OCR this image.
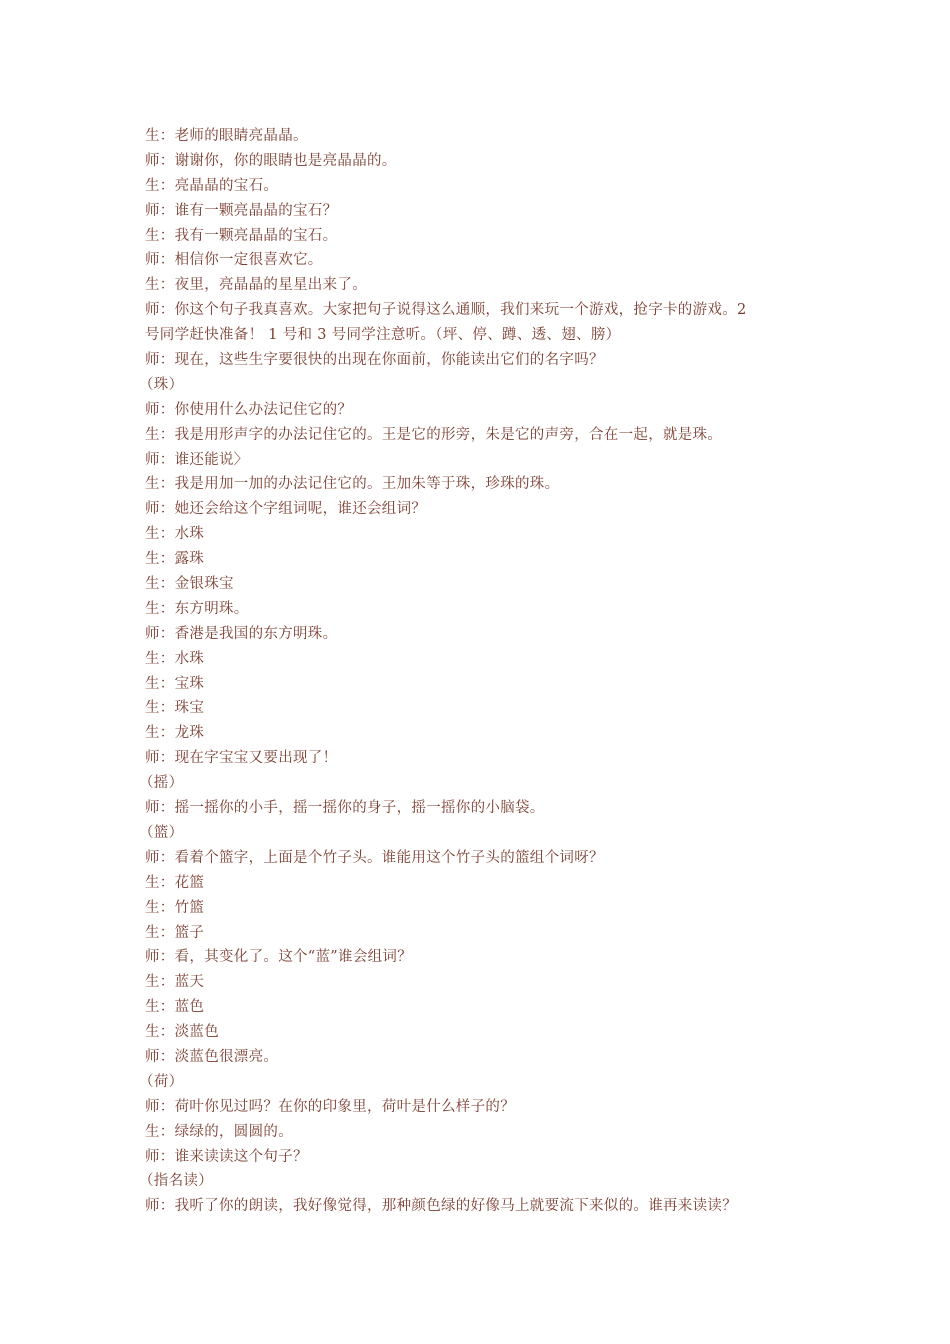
生：老师的眼睛亮晶晶。
师：谢谢你，你的眼睛也是亮晶晶的。
生：亮晶晶的宝石。
师：谁有一颗亮晶晶的宝石？
生：我有一颗亮晶晶的宝石。
师：相信你一定很喜欢它。
生：夜里，亮晶晶的星星出来了。
师：你这个句子我真喜欢。大家把句子说得这么通顺，我们来玩一个游戏，抢字卡的游戏。2
号同学赶快准备！ 1 号和 3 号同学注意听。（坪、停、蹲、透、翅、膀）
师：现在，这些生字要很快的出现在你面前，你能读出它们的名字吗？
（珠）
师：你使用什么办法记住它的？
生：我是用形声字的办法记住它的。王是它的形旁，朱是它的声旁，合在一起，就是珠。
师：谁还能说〉
生：我是用加一加的办法记住它的。王加朱等于珠，珍珠的珠。
师：她还会给这个字组词呢，谁还会组词？
生：水珠
生：露珠
生：金银珠宝
生：东方明珠。
师：香港是我国的东方明珠。
生：水珠
生：宝珠
生：珠宝
生：龙珠
师：现在字宝宝又要出现了！
（摇）
师：摇一摇你的小手，摇一摇你的身子，摇一摇你的小脑袋。
（篮）
师：看着个篮字，上面是个竹子头。谁能用这个竹子头的篮组个词呀？
生：花篮
生：竹篮
生：篮子
师：看，其变化了。这个“蓝”谁会组词？
生：蓝天
生：蓝色
生：淡蓝色
师：淡蓝色很漂亮。
（荷）
师：荷叶你见过吗？在你的印象里，荷叶是什么样子的？
生：绿绿的，圆圆的。
师：谁来读读这个句子？
（指名读）
师：我听了你的朗读，我好像觉得，那种颜色绿的好像马上就要流下来似的。谁再来读读？
